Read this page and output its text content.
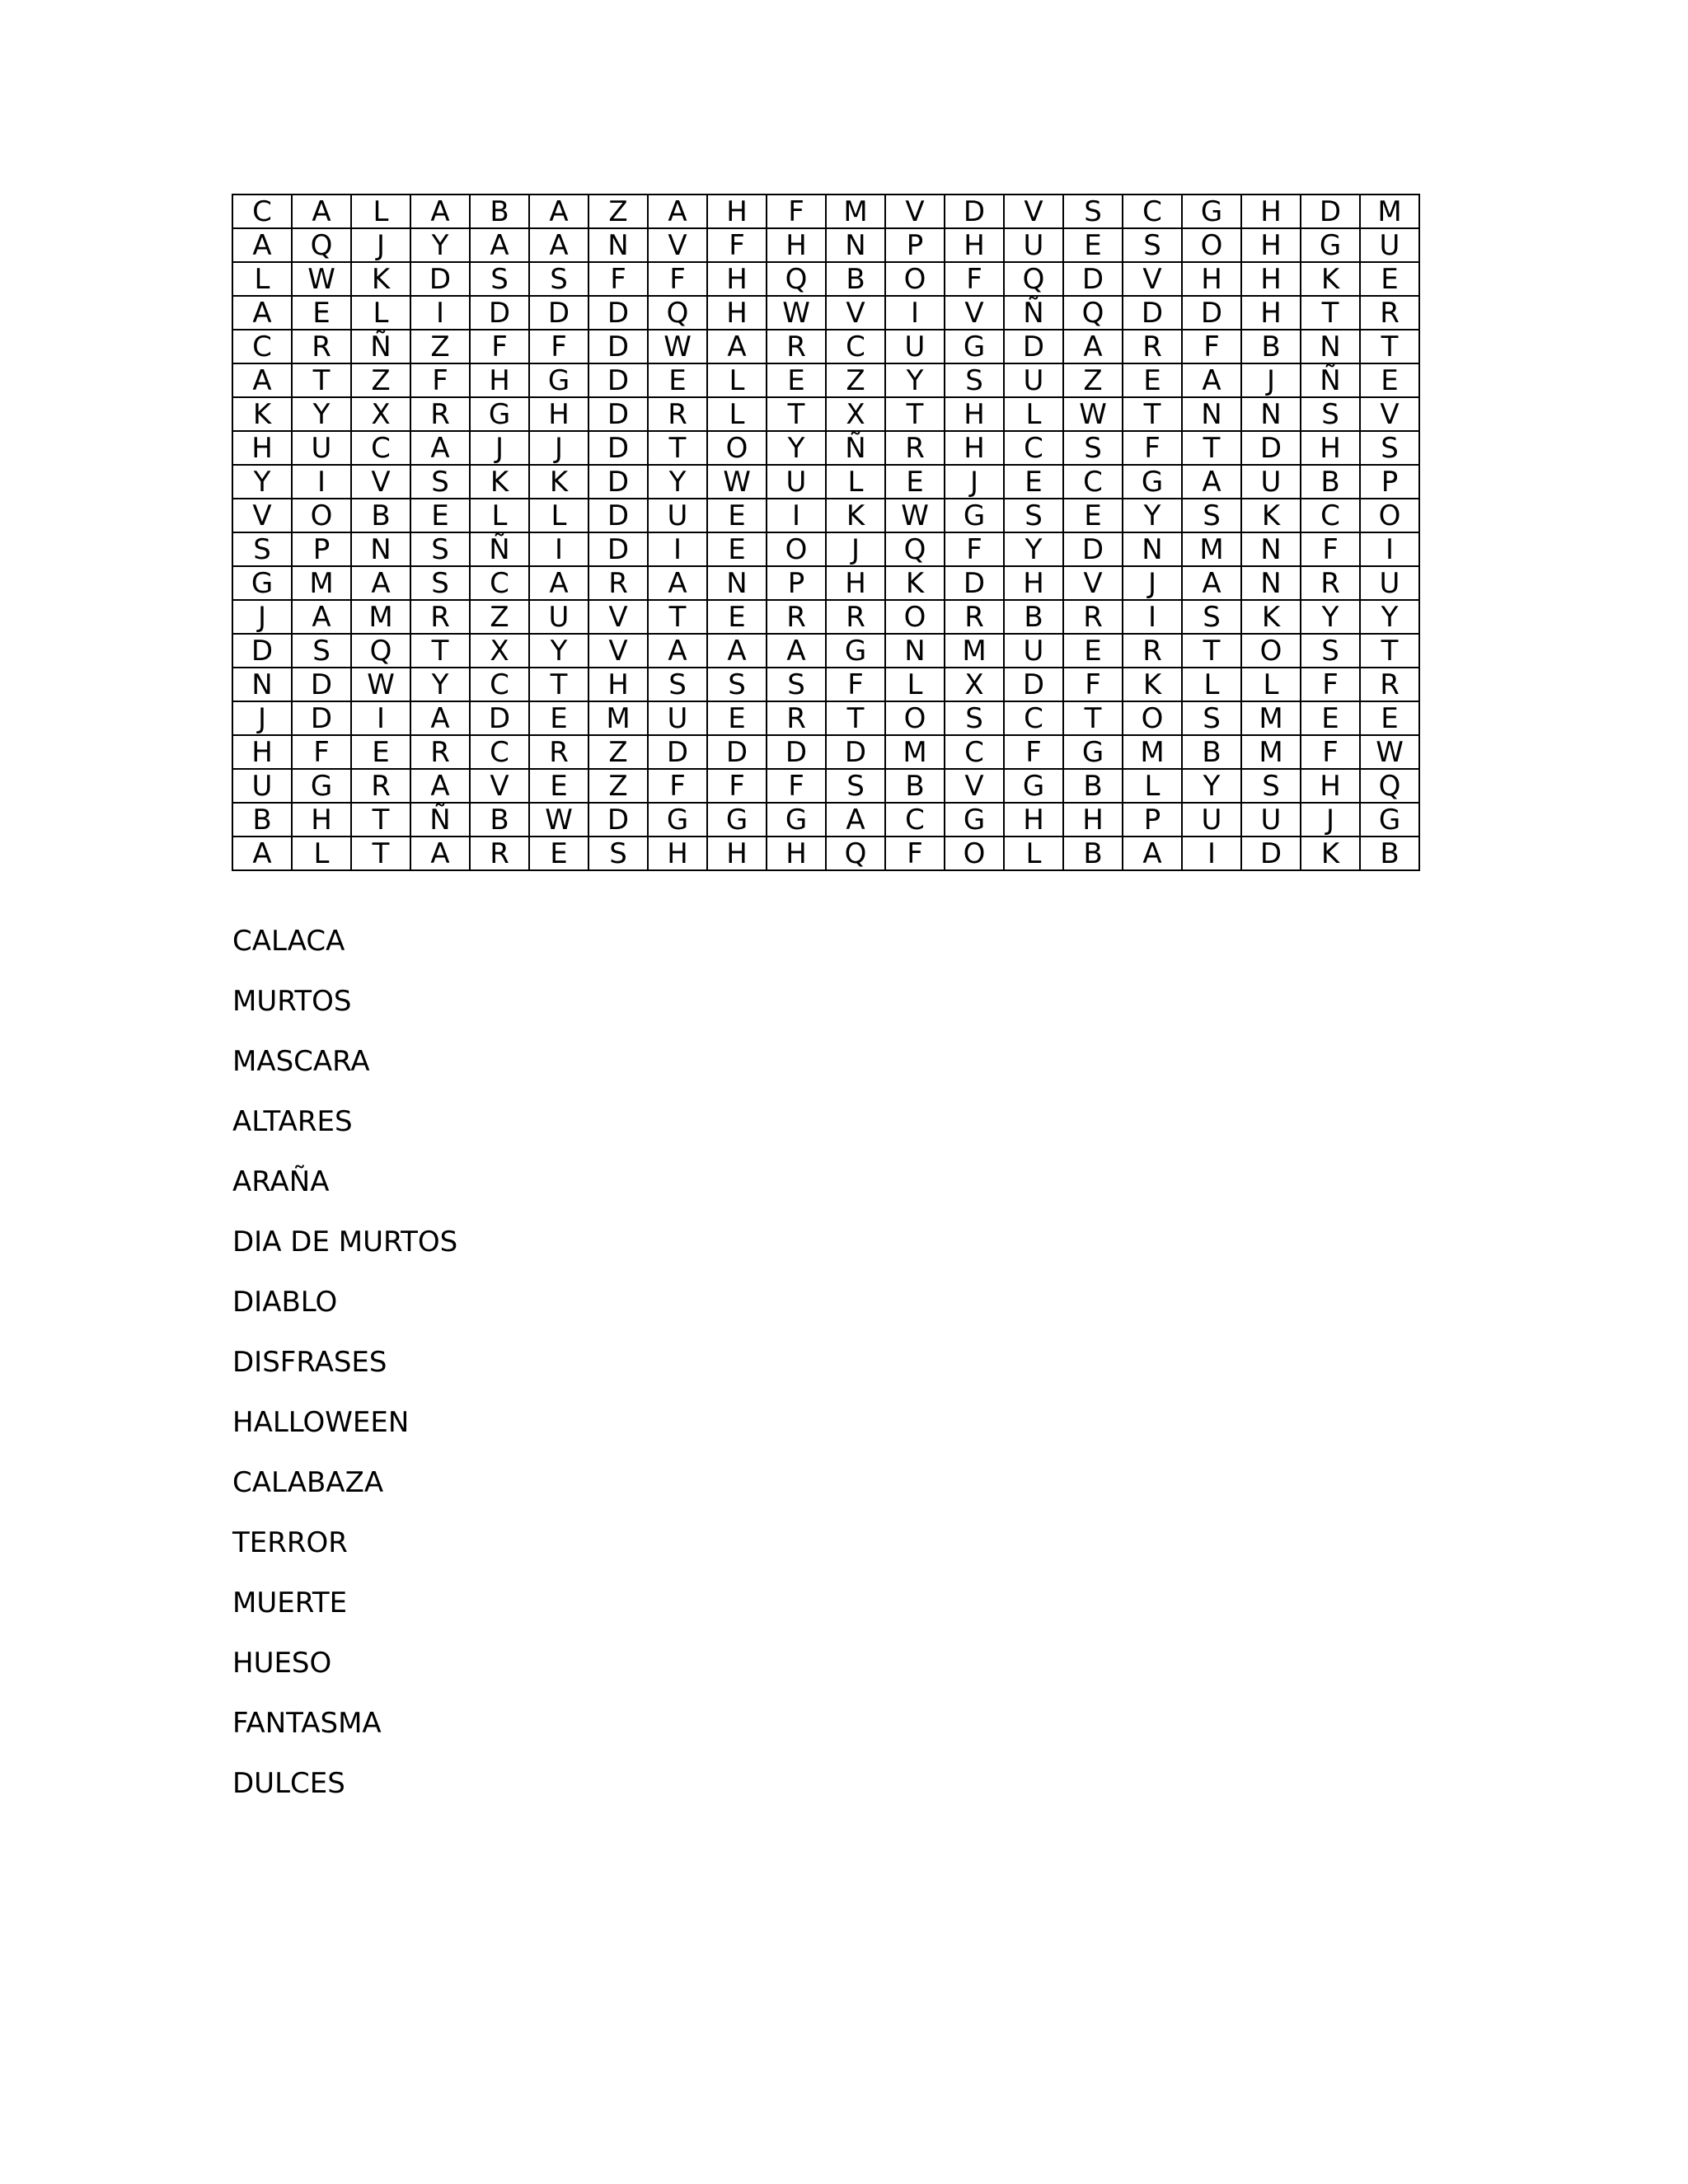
C	A	L	A	B	A	Z	A	H	F	M	V	D	V	S	C	G	H	D	M
A	Q	J	Y	A	A	N	V	F	H	N	P	H	U	E	S	O	H	G	U
L	W	K	D	S	S	F	F	H	Q	B	O	F	Q	D	V	H	H	K	E
A	E	L	I	D	D	D	Q	H	W	V	I	V	Ñ	Q	D	D	H	T	R
C	R	Ñ	Z	F	F	D	W	A	R	C	U	G	D	A	R	F	B	N	T
A	T	Z	F	H	G	D	E	L	E	Z	Y	S	U	Z	E	A	J	Ñ	E
K	Y	X	R	G	H	D	R	L	T	X	T	H	L	W	T	N	N	S	V
H	U	C	A	J	J	D	T	O	Y	Ñ	R	H	C	S	F	T	D	H	S
Y	I	V	S	K	K	D	Y	W	U	L	E	J	E	C	G	A	U	B	P
V	O	B	E	L	L	D	U	E	I	K	W	G	S	E	Y	S	K	C	O
S	P	N	S	Ñ	I	D	I	E	O	J	Q	F	Y	D	N	M	N	F	I
G	M	A	S	C	A	R	A	N	P	H	K	D	H	V	J	A	N	R	U
J	A	M	R	Z	U	V	T	E	R	R	O	R	B	R	I	S	K	Y	Y
D	S	Q	T	X	Y	V	A	A	A	G	N	M	U	E	R	T	O	S	T
N	D	W	Y	C	T	H	S	S	S	F	L	X	D	F	K	L	L	F	R
J	D	I	A	D	E	M	U	E	R	T	O	S	C	T	O	S	M	E	E
H	F	E	R	C	R	Z	D	D	D	D	M	C	F	G	M	B	M	F	W
U	G	R	A	V	E	Z	F	F	F	S	B	V	G	B	L	Y	S	H	Q
B	H	T	Ñ	B	W	D	G	G	G	A	C	G	H	H	P	U	U	J	G
A	L	T	A	R	E	S	H	H	H	Q	F	O	L	B	A	I	D	K	B
CALACA
MURTOS
MASCARA
ALTARES
ARAÑA
DIA DE MURTOS
DIABLO
DISFRASES
HALLOWEEN
CALABAZA
TERROR
MUERTE
HUESO
FANTASMA
DULCES
